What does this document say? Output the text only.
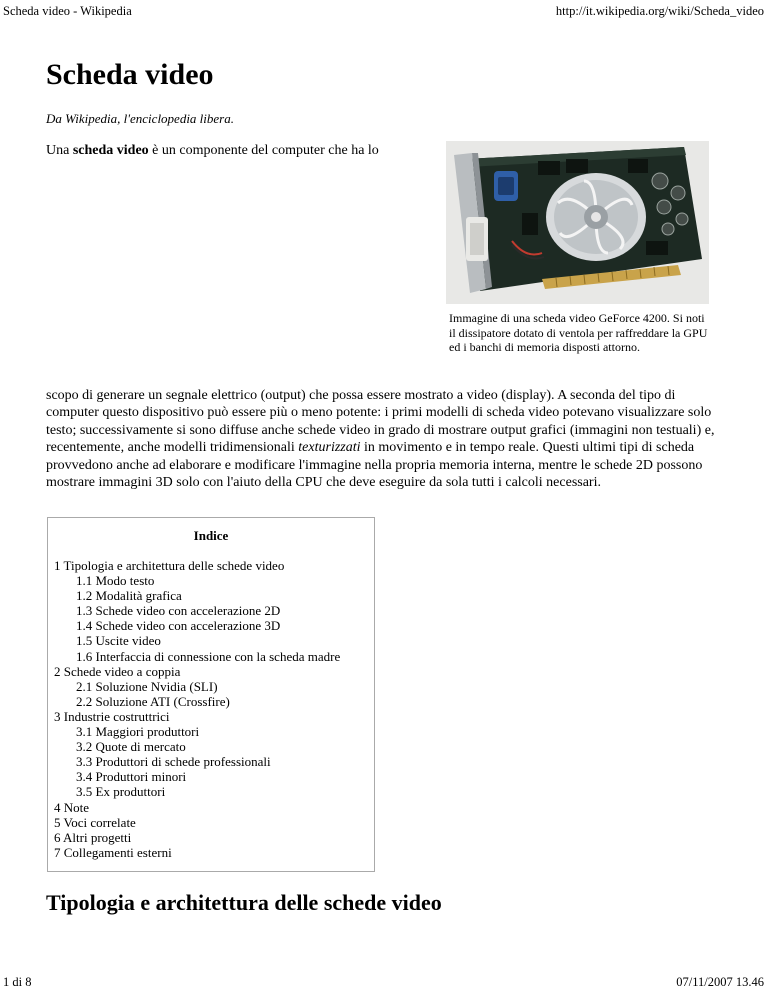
Scheda video - Wikipedia	http://it.wikipedia.org/wiki/Scheda_video
Scheda video
Da Wikipedia, l'enciclopedia libera.
Una scheda video è un componente del computer che ha lo
Immagine di una scheda video GeForce 4200. Si noti il dissipatore dotato di ventola per raffreddare la GPU ed i banchi di memoria disposti attorno.
scopo di generare un segnale elettrico (output) che possa essere mostrato a video (display). A seconda del tipo di computer questo dispositivo può essere più o meno potente: i primi modelli di scheda video potevano visualizzare solo testo; successivamente si sono diffuse anche schede video in grado di mostrare output grafici (immagini non testuali) e, recentemente, anche modelli tridimensionali texturizzati in movimento e in tempo reale. Questi ultimi tipi di scheda provvedono anche ad elaborare e modificare l'immagine nella propria memoria interna, mentre le schede 2D possono mostrare immagini 3D solo con l'aiuto della CPU che deve eseguire da sola tutti i calcoli necessari.
Indice
1 Tipologia e architettura delle schede video
1.1 Modo testo
1.2 Modalità grafica
1.3 Schede video con accelerazione 2D
1.4 Schede video con accelerazione 3D
1.5 Uscite video
1.6 Interfaccia di connessione con la scheda madre
2 Schede video a coppia
2.1 Soluzione Nvidia (SLI)
2.2 Soluzione ATI (Crossfire)
3 Industrie costruttrici
3.1 Maggiori produttori
3.2 Quote di mercato
3.3 Produttori di schede professionali
3.4 Produttori minori
3.5 Ex produttori
4 Note
5 Voci correlate
6 Altri progetti
7 Collegamenti esterni
Tipologia e architettura delle schede video
1 di 8	07/11/2007 13.46
